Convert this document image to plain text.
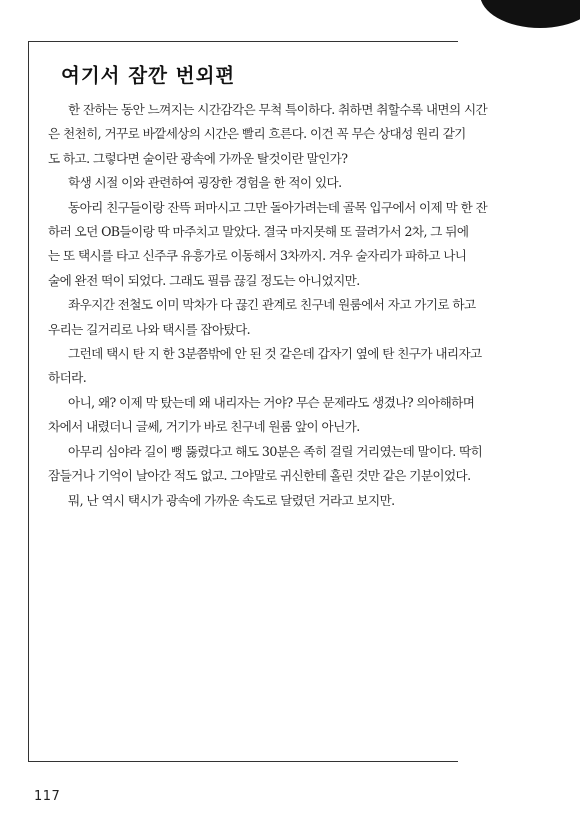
여기서 잠깐 번외편

한 잔하는 동안 느껴지는 시간감각은 무척 특이하다. 취하면 취할수록 내면의 시간
은 천천히, 거꾸로 바깥세상의 시간은 빨리 흐른다. 이건 꼭 무슨 상대성 원리 같기
도 하고. 그렇다면 술이란 광속에 가까운 탈것이란 말인가?

학생 시절 이와 관련하여 굉장한 경험을 한 적이 있다.

동아리 친구들이랑 잔뜩 퍼마시고 그만 돌아가려는데 골목 입구에서 이제 막 한 잔
하러 오던 OB들이랑 딱 마주치고 말았다. 결국 마지못해 또 끌려가서 2차, 그 뒤에
는 또 택시를 타고 신주쿠 유흥가로 이동해서 3차까지. 겨우 술자리가 파하고 나니
술에 완전 떡이 되었다. 그래도 필름 끊길 정도는 아니었지만.

좌우지간 전철도 이미 막차가 다 끊긴 관계로 친구네 원룸에서 자고 가기로 하고
우리는 길거리로 나와 택시를 잡아탔다.

그런데 택시 탄 지 한 3분쯤밖에 안 된 것 같은데 갑자기 옆에 탄 친구가 내리자고
하더라.

아니, 왜? 이제 막 탔는데 왜 내리자는 거야? 무슨 문제라도 생겼나? 의아해하며
차에서 내렸더니 글쎄, 거기가 바로 친구네 원룸 앞이 아닌가.

아무리 심야라 길이 뻥 뚫렸다고 해도 30분은 족히 걸릴 거리였는데 말이다. 딱히
잠들거나 기억이 날아간 적도 없고. 그야말로 귀신한테 홀린 것만 같은 기분이었다.

뭐, 난 역시 택시가 광속에 가까운 속도로 달렸던 거라고 보지만.

117
